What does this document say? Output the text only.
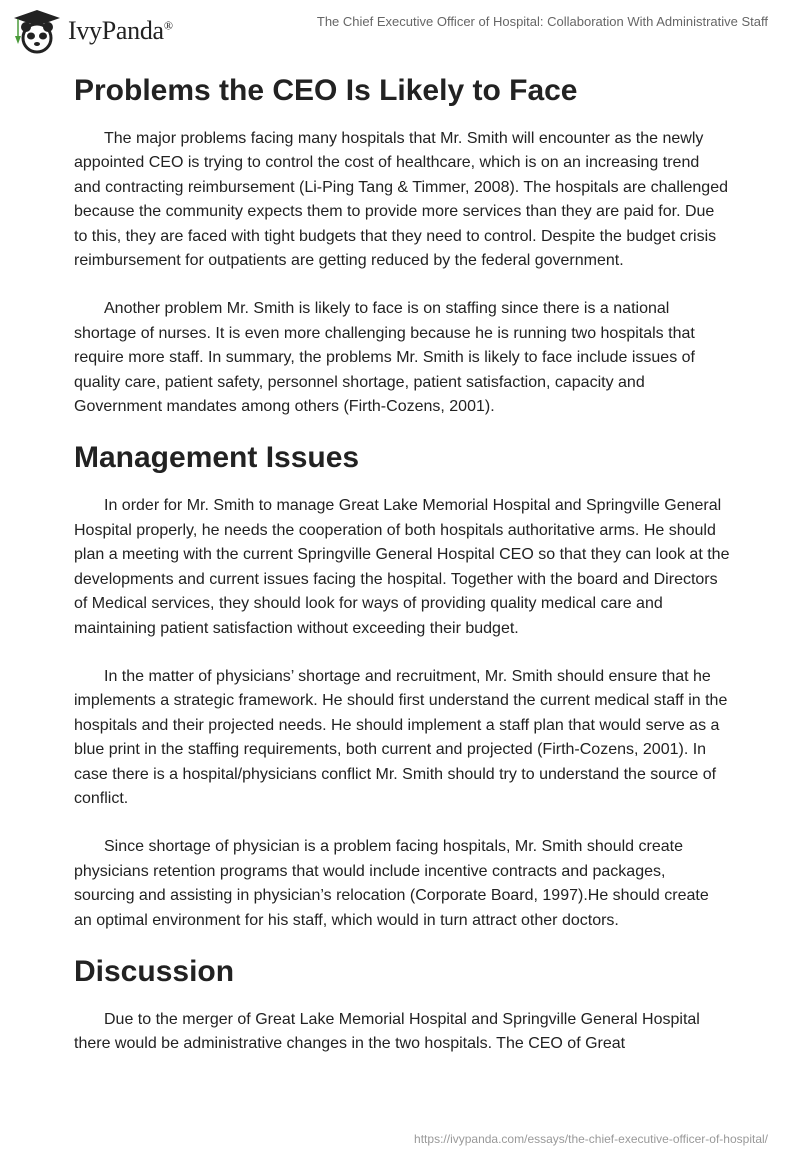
IvyPanda®	The Chief Executive Officer of Hospital: Collaboration With Administrative Staff
Problems the CEO Is Likely to Face

The major problems facing many hospitals that Mr. Smith will encounter as the newly appointed CEO is trying to control the cost of healthcare, which is on an increasing trend and contracting reimbursement (Li-Ping Tang & Timmer, 2008). The hospitals are challenged because the community expects them to provide more services than they are paid for. Due to this, they are faced with tight budgets that they need to control. Despite the budget crisis reimbursement for outpatients are getting reduced by the federal government.

Another problem Mr. Smith is likely to face is on staffing since there is a national shortage of nurses. It is even more challenging because he is running two hospitals that require more staff. In summary, the problems Mr. Smith is likely to face include issues of quality care, patient safety, personnel shortage, patient satisfaction, capacity and Government mandates among others (Firth-Cozens, 2001).

Management Issues

In order for Mr. Smith to manage Great Lake Memorial Hospital and Springville General Hospital properly, he needs the cooperation of both hospitals authoritative arms. He should plan a meeting with the current Springville General Hospital CEO so that they can look at the developments and current issues facing the hospital. Together with the board and Directors of Medical services, they should look for ways of providing quality medical care and maintaining patient satisfaction without exceeding their budget.

In the matter of physicians’ shortage and recruitment, Mr. Smith should ensure that he implements a strategic framework. He should first understand the current medical staff in the hospitals and their projected needs. He should implement a staff plan that would serve as a blue print in the staffing requirements, both current and projected (Firth-Cozens, 2001). In case there is a hospital/physicians conflict Mr. Smith should try to understand the source of conflict.

Since shortage of physician is a problem facing hospitals, Mr. Smith should create physicians retention programs that would include incentive contracts and packages, sourcing and assisting in physician’s relocation (Corporate Board, 1997).He should create an optimal environment for his staff, which would in turn attract other doctors.

Discussion

Due to the merger of Great Lake Memorial Hospital and Springville General Hospital there would be administrative changes in the two hospitals. The CEO of Great

https://ivypanda.com/essays/the-chief-executive-officer-of-hospital/
